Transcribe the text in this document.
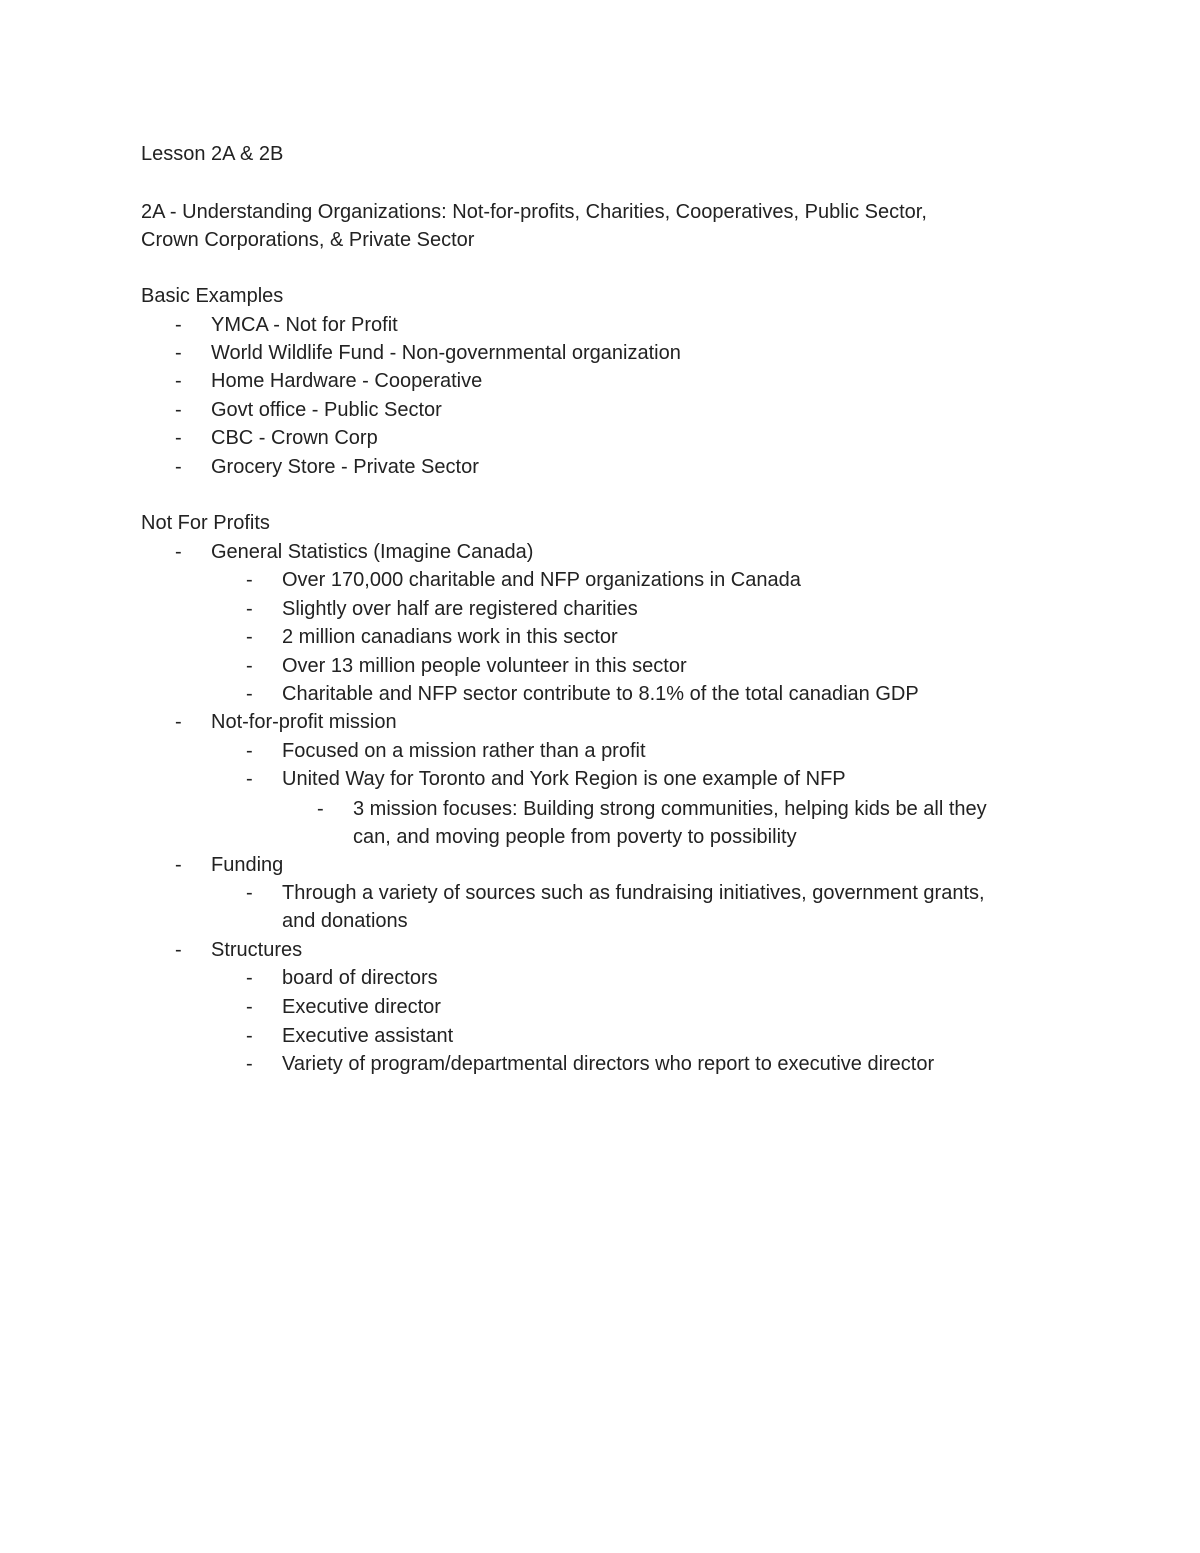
Lesson 2A & 2B
2A - Understanding Organizations: Not-for-profits, Charities, Cooperatives, Public Sector,
Crown Corporations, & Private Sector
Basic Examples
- YMCA - Not for Profit
- World Wildlife Fund - Non-governmental organization
- Home Hardware - Cooperative
- Govt office - Public Sector
- CBC - Crown Corp
- Grocery Store - Private Sector
Not For Profits
- General Statistics (Imagine Canada)
- Over 170,000 charitable and NFP organizations in Canada
- Slightly over half are registered charities
- 2 million canadians work in this sector
- Over 13 million people volunteer in this sector
- Charitable and NFP sector contribute to 8.1% of the total canadian GDP
- Not-for-profit mission
- Focused on a mission rather than a profit
- United Way for Toronto and York Region is one example of NFP
- 3 mission focuses: Building strong communities, helping kids be all they
can, and moving people from poverty to possibility
- Funding
- Through a variety of sources such as fundraising initiatives, government grants,
and donations
- Structures
- board of directors
- Executive director
- Executive assistant
- Variety of program/departmental directors who report to executive director
